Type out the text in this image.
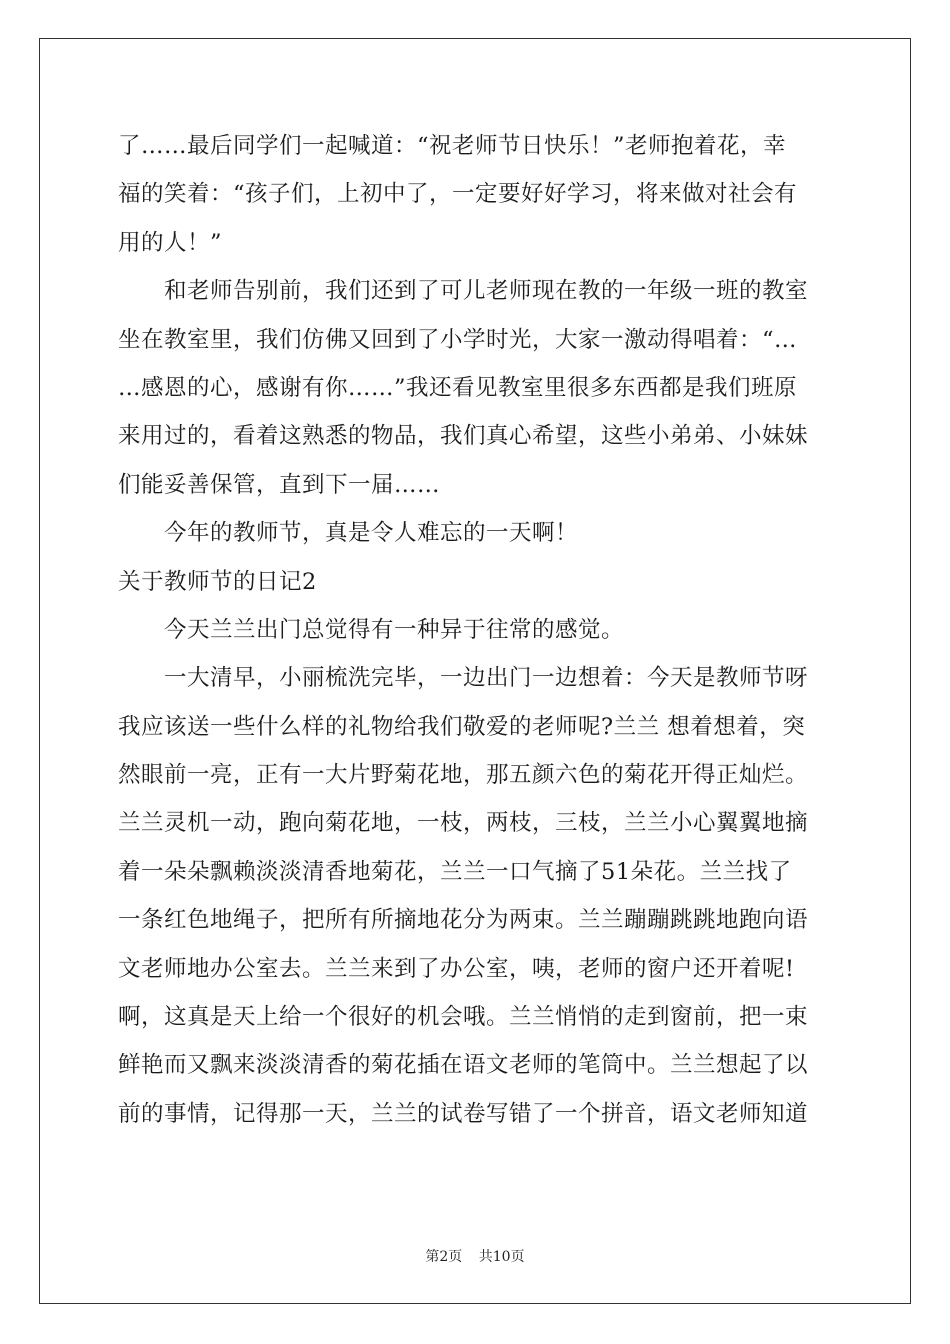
了……最后同学们一起喊道：“祝老师节日快乐！”老师抱着花，幸
福的笑着：“孩子们，上初中了，一定要好好学习，将来做对社会有
用的人！”
　　和老师告别前，我们还到了可儿老师现在教的一年级一班的教室
坐在教室里，我们仿佛又回到了小学时光，大家一激动得唱着：“…
…感恩的心，感谢有你……”我还看见教室里很多东西都是我们班原
来用过的，看着这熟悉的物品，我们真心希望，这些小弟弟、小妹妹
们能妥善保管，直到下一届……
　　今年的教师节，真是令人难忘的一天啊！
关于教师节的日记2
　　今天兰兰出门总觉得有一种异于往常的感觉。
　　一大清早，小丽梳洗完毕，一边出门一边想着：今天是教师节呀
我应该送一些什么样的礼物给我们敬爱的老师呢?兰兰 想着想着，突
然眼前一亮，正有一大片野菊花地，那五颜六色的菊花开得正灿烂。
兰兰灵机一动，跑向菊花地，一枝，两枝，三枝，兰兰小心翼翼地摘
着一朵朵飘赖淡淡清香地菊花，兰兰一口气摘了51朵花。兰兰找了
一条红色地绳子，把所有所摘地花分为两束。兰兰蹦蹦跳跳地跑向语
文老师地办公室去。兰兰来到了办公室，咦，老师的窗户还开着呢!
啊，这真是天上给一个很好的机会哦。兰兰悄悄的走到窗前，把一束
鲜艳而又飘来淡淡清香的菊花插在语文老师的笔筒中。兰兰想起了以
前的事情，记得那一天，兰兰的试卷写错了一个拼音，语文老师知道
第2页 共10页
